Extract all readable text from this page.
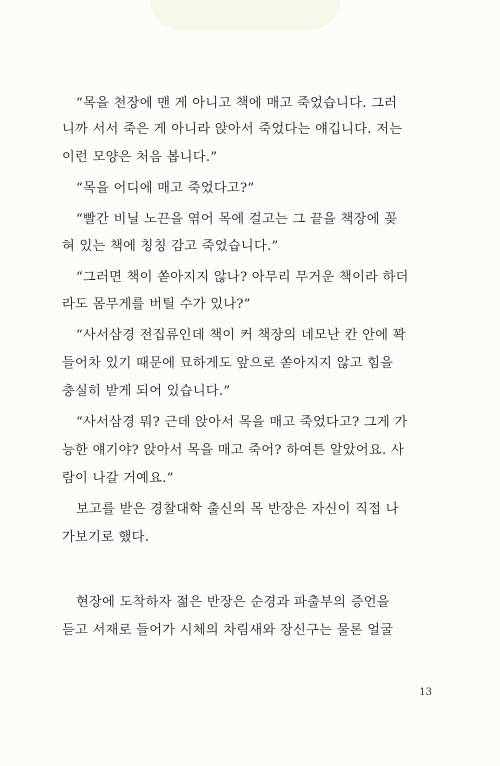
“목을 천장에 맨 게 아니고 책에 매고 죽었습니다. 그러
니까 서서 죽은 게 아니라 앉아서 죽었다는 얘깁니다. 저는
이런 모양은 처음 봅니다.”
“목을 어디에 매고 죽었다고?”
“빨간 비닐 노끈을 엮어 목에 걸고는 그 끝을 책장에 꽂
혀 있는 책에 칭칭 감고 죽었습니다.”
“그러면 책이 쏟아지지 않나? 아무리 무거운 책이라 하더
라도 몸무게를 버틸 수가 있나?”
“사서삼경 전집류인데 책이 커 책장의 네모난 칸 안에 꽉
들어차 있기 때문에 묘하게도 앞으로 쏟아지지 않고 힘을
충실히 받게 되어 있습니다.”
“사서삼경 뭐? 근데 앉아서 목을 매고 죽었다고? 그게 가
능한 얘기야? 앉아서 목을 매고 죽어? 하여튼 알았어요. 사
람이 나갈 거예요.”
보고를 받은 경찰대학 출신의 목 반장은 자신이 직접 나
가보기로 했다.
현장에 도착하자 젊은 반장은 순경과 파출부의 증언을
듣고 서재로 들어가 시체의 차림새와 장신구는 물론 얼굴
13
